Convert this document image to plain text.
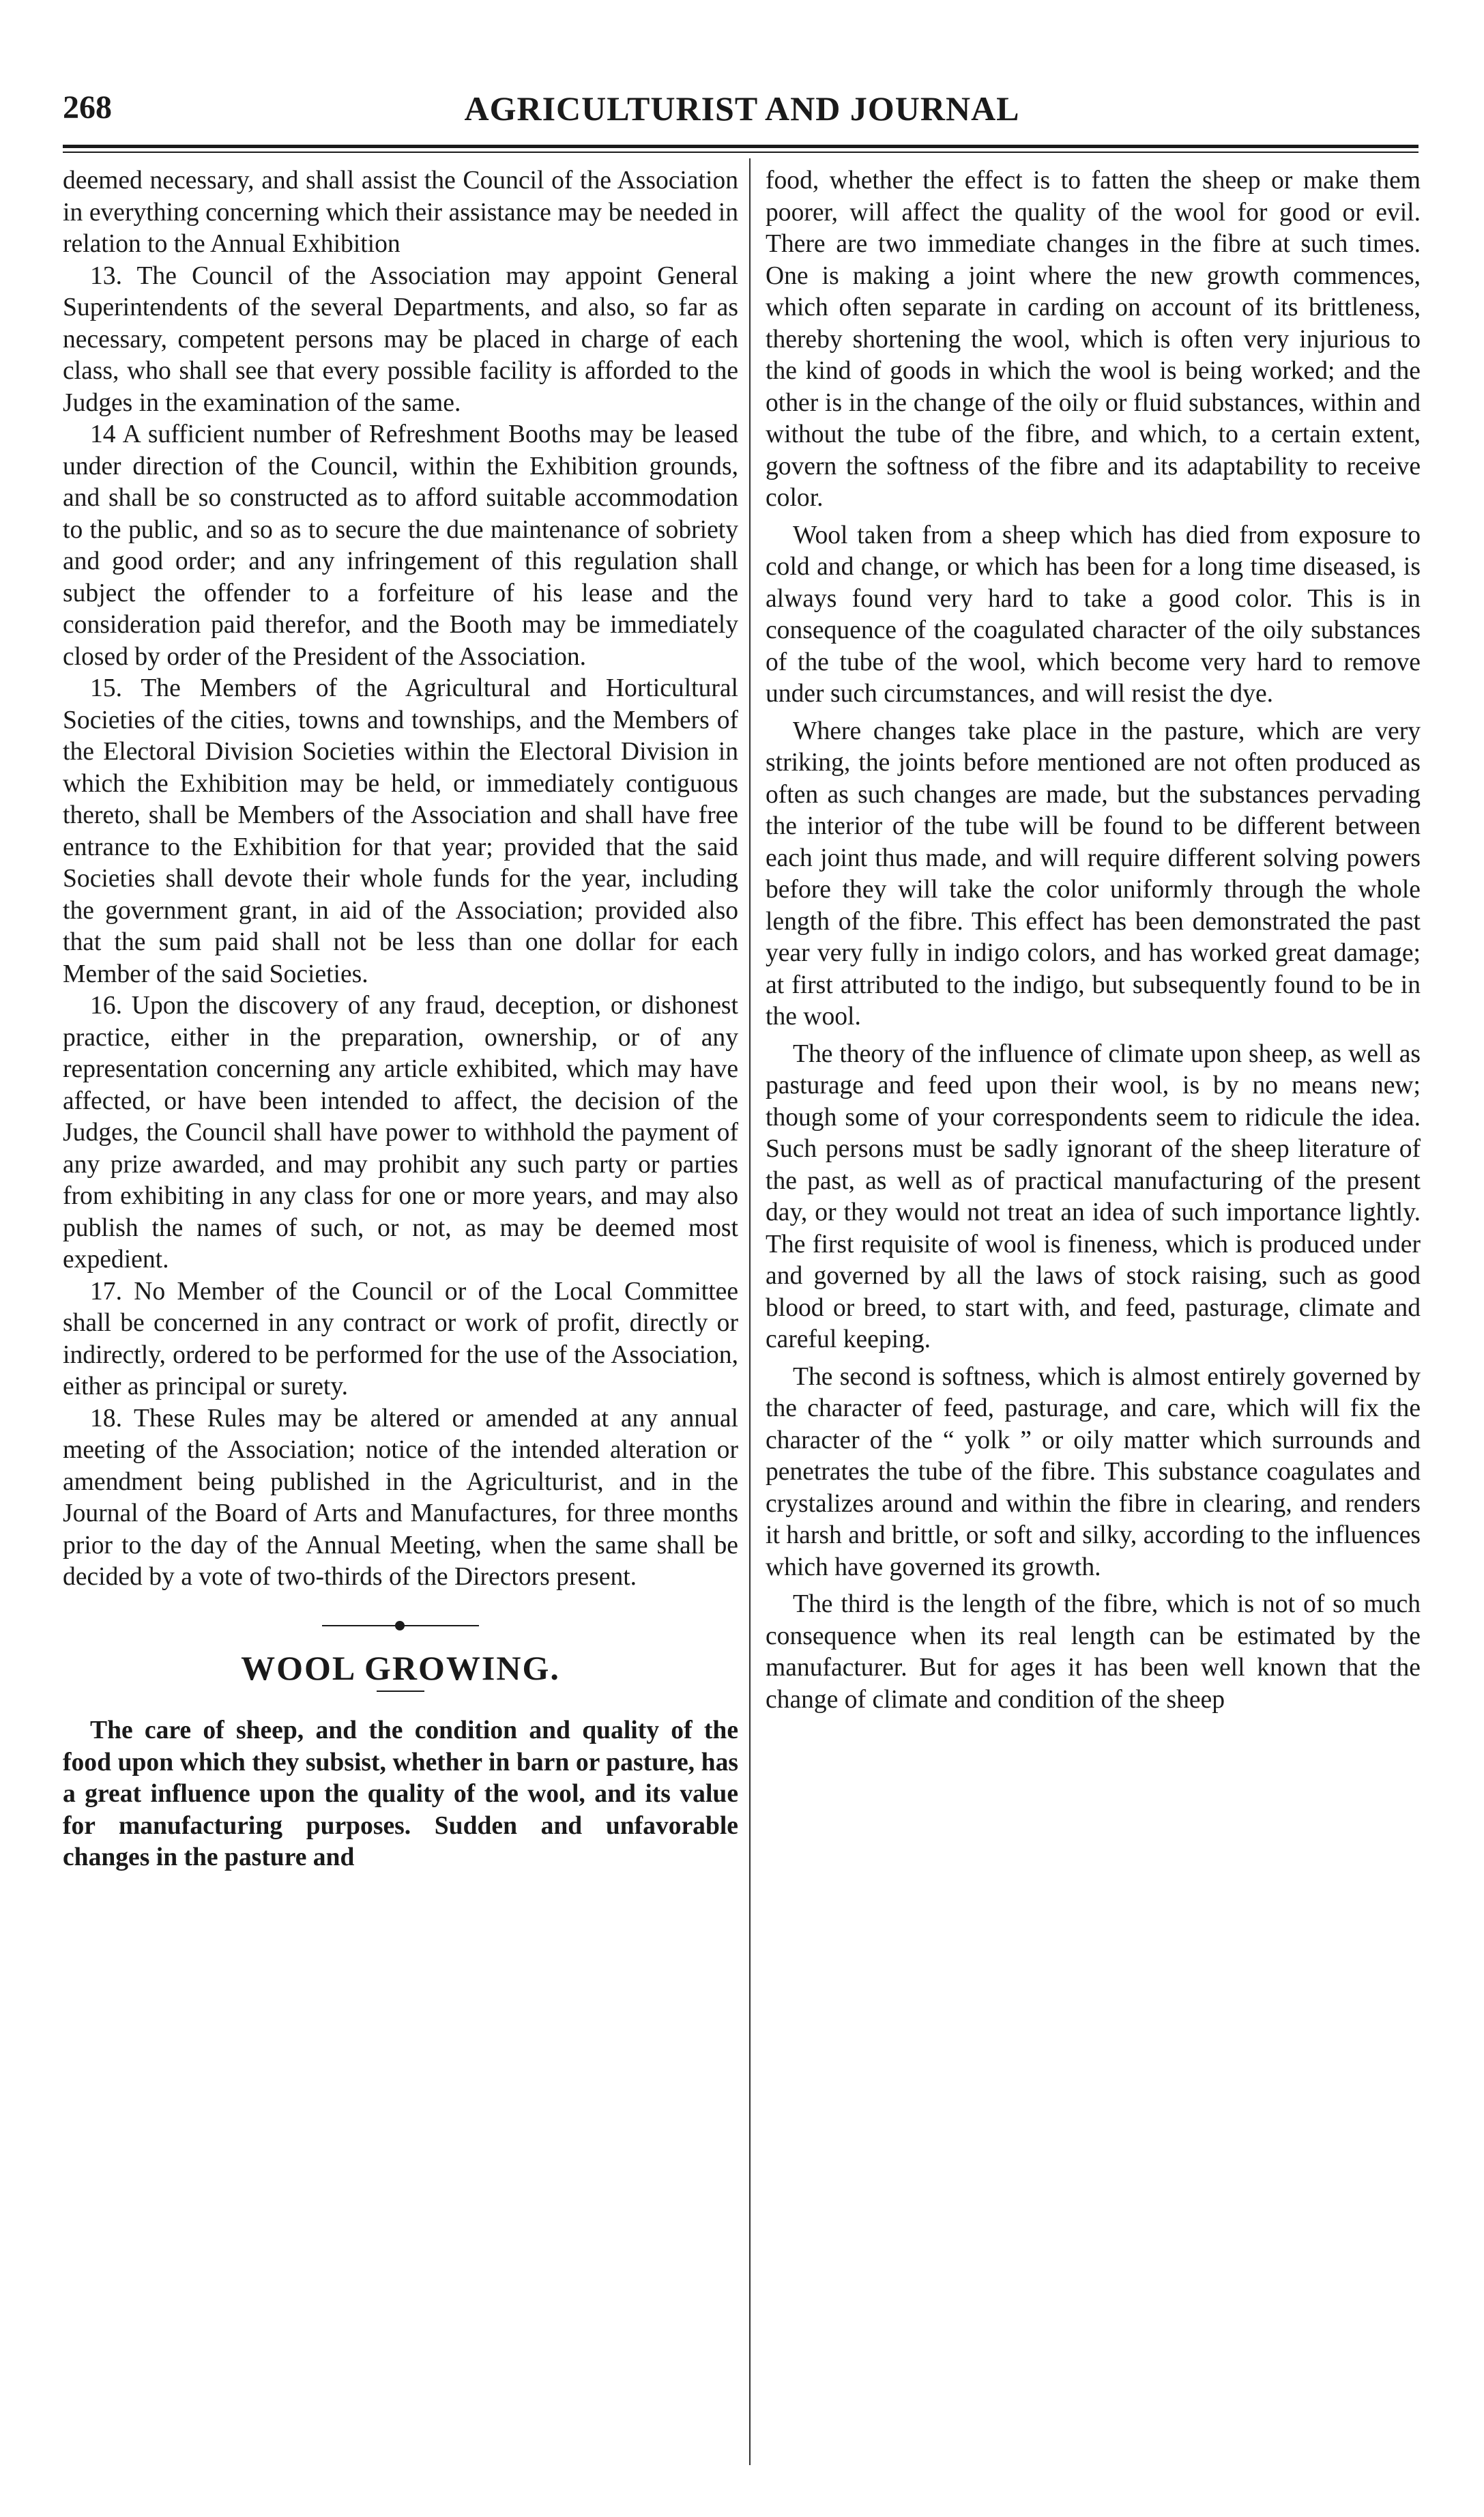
268	AGRICULTURIST AND JOURNAL

deemed necessary, and shall assist the Council of the Association in everything concerning which their assistance may be needed in relation to the Annual Exhibition

13. The Council of the Association may appoint General Superintendents of the several Departments, and also, so far as necessary, competent persons may be placed in charge of each class, who shall see that every possible facility is afforded to the Judges in the examination of the same.

14 A sufficient number of Refreshment Booths may be leased under direction of the Council, within the Exhibition grounds, and shall be so constructed as to afford suitable accommodation to the public, and so as to secure the due maintenance of sobriety and good order; and any infringement of this regulation shall subject the offender to a forfeiture of his lease and the consideration paid therefor, and the Booth may be immediately closed by order of the President of the Association.

15. The Members of the Agricultural and Horticultural Societies of the cities, towns and townships, and the Members of the Electoral Division Societies within the Electoral Division in which the Exhibition may be held, or immediately contiguous thereto, shall be Members of the Association and shall have free entrance to the Exhibition for that year; provided that the said Societies shall devote their whole funds for the year, including the government grant, in aid of the Association; provided also that the sum paid shall not be less than one dollar for each Member of the said Societies.

16. Upon the discovery of any fraud, deception, or dishonest practice, either in the preparation, ownership, or of any representation concerning any article exhibited, which may have affected, or have been intended to affect, the decision of the Judges, the Council shall have power to withhold the payment of any prize awarded, and may prohibit any such party or parties from exhibiting in any class for one or more years, and may also publish the names of such, or not, as may be deemed most expedient.

17. No Member of the Council or of the Local Committee shall be concerned in any contract or work of profit, directly or indirectly, ordered to be performed for the use of the Association, either as principal or surety.

18. These Rules may be altered or amended at any annual meeting of the Association; notice of the intended alteration or amendment being published in the Agriculturist, and in the Journal of the Board of Arts and Manufactures, for three months prior to the day of the Annual Meeting, when the same shall be decided by a vote of two-thirds of the Directors present.

WOOL GROWING.

The care of sheep, and the condition and quality of the food upon which they subsist, whether in barn or pasture, has a great influence upon the quality of the wool, and its value for manufacturing purposes. Sudden and unfavorable changes in the pasture and

food, whether the effect is to fatten the sheep or make them poorer, will affect the quality of the wool for good or evil. There are two immediate changes in the fibre at such times. One is making a joint where the new growth commences, which often separate in carding on account of its brittleness, thereby shortening the wool, which is often very injurious to the kind of goods in which the wool is being worked; and the other is in the change of the oily or fluid substances, within and without the tube of the fibre, and which, to a certain extent, govern the softness of the fibre and its adaptability to receive color.

Wool taken from a sheep which has died from exposure to cold and change, or which has been for a long time diseased, is always found very hard to take a good color. This is in consequence of the coagulated character of the oily substances of the tube of the wool, which become very hard to remove under such circumstances, and will resist the dye.

Where changes take place in the pasture, which are very striking, the joints before mentioned are not often produced as often as such changes are made, but the substances pervading the interior of the tube will be found to be different between each joint thus made, and will require different solving powers before they will take the color uniformly through the whole length of the fibre. This effect has been demonstrated the past year very fully in indigo colors, and has worked great damage; at first attributed to the indigo, but subsequently found to be in the wool.

The theory of the influence of climate upon sheep, as well as pasturage and feed upon their wool, is by no means new; though some of your correspondents seem to ridicule the idea. Such persons must be sadly ignorant of the sheep literature of the past, as well as of practical manufacturing of the present day, or they would not treat an idea of such importance lightly. The first requisite of wool is fineness, which is produced under and governed by all the laws of stock raising, such as good blood or breed, to start with, and feed, pasturage, climate and careful keeping.

The second is softness, which is almost entirely governed by the character of feed, pasturage, and care, which will fix the character of the “ yolk ” or oily matter which surrounds and penetrates the tube of the fibre. This substance coagulates and crystalizes around and within the fibre in clearing, and renders it harsh and brittle, or soft and silky, according to the influences which have governed its growth.

The third is the length of the fibre, which is not of so much consequence when its real length can be estimated by the manufacturer. But for ages it has been well known that the change of climate and condition of the sheep
